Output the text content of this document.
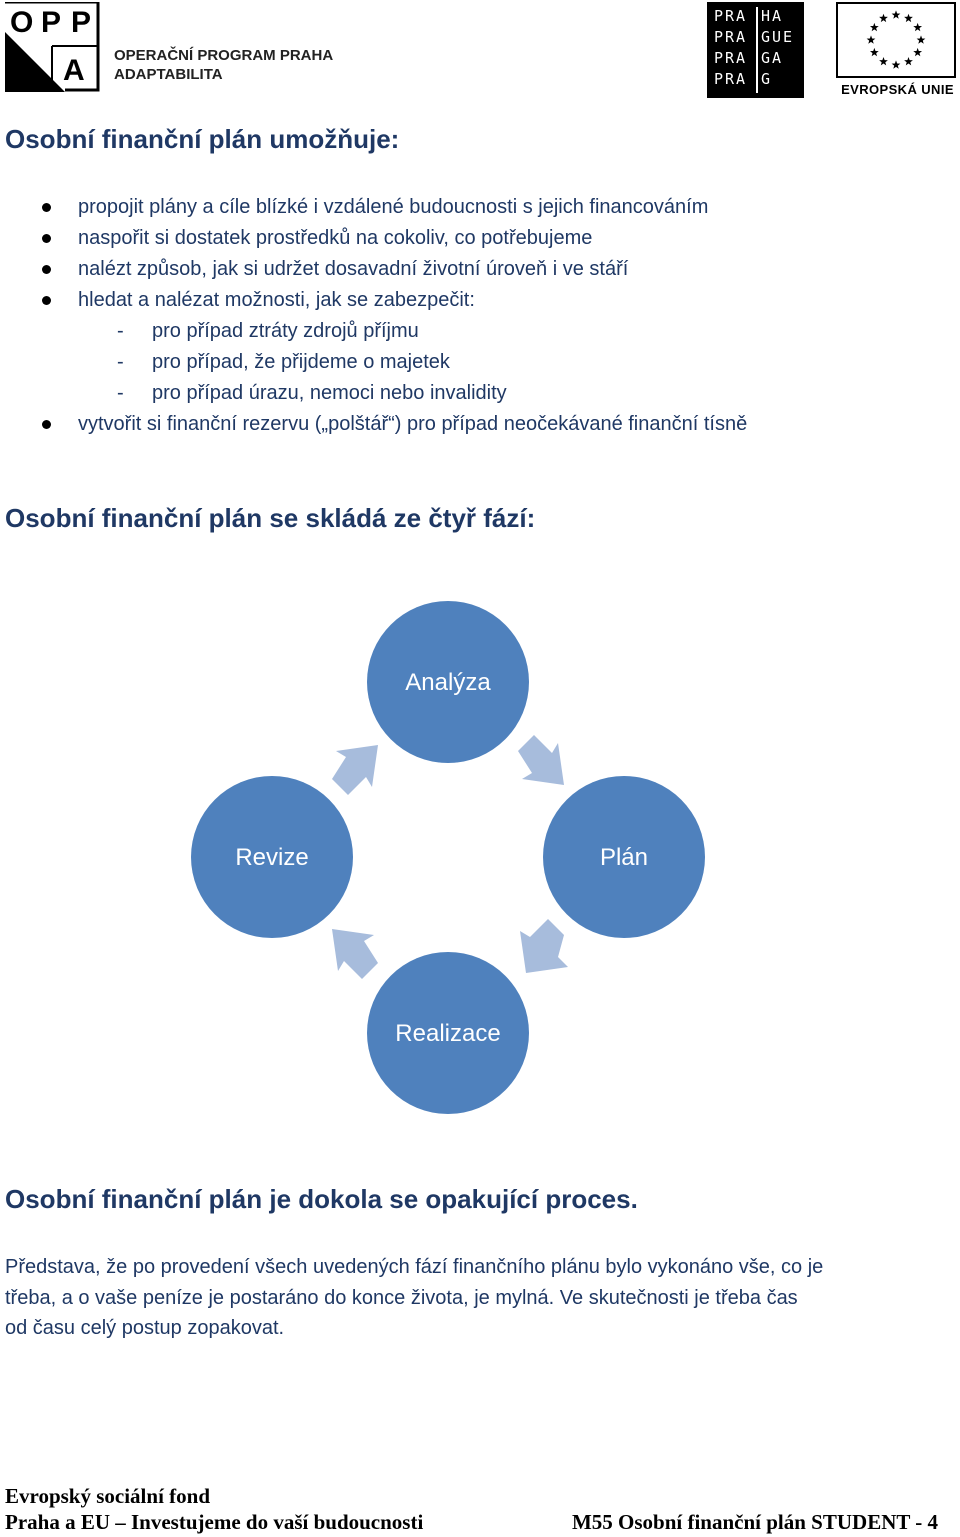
O P P
A OPERAČNÍ PROGRAM PRAHA
ADAPTABILITA
PRA
PRA
PRA
PRA
HA
GUE
GA
G
EVROPSKÁ UNIE
Osobní finanční plán umožňuje:
propojit plány a cíle blízké i vzdálené budoucnosti s jejich financováním
naspořit si dostatek prostředků na cokoliv, co potřebujeme
nalézt způsob, jak si udržet dosavadní životní úroveň i ve stáří
hledat a nalézat možnosti, jak se zabezpečit:
- pro případ ztráty zdrojů příjmu
- pro případ, že přijdeme o majetek
- pro případ úrazu, nemoci nebo invalidity
vytvořit si finanční rezervu („polštář“) pro případ neočekávané finanční tísně
Osobní finanční plán se skládá ze čtyř fází:
Analýza
Plán
Realizace
Revize
Osobní finanční plán je dokola se opakující proces.
Představa, že po provedení všech uvedených fází finančního plánu bylo vykonáno vše, co je
třeba, a o vaše peníze je postaráno do konce života, je mylná. Ve skutečnosti je třeba čas
od času celý postup zopakovat.
Evropský sociální fond
Praha a EU – Investujeme do vaší budoucnosti	M55 Osobní finanční plán STUDENT - 4
